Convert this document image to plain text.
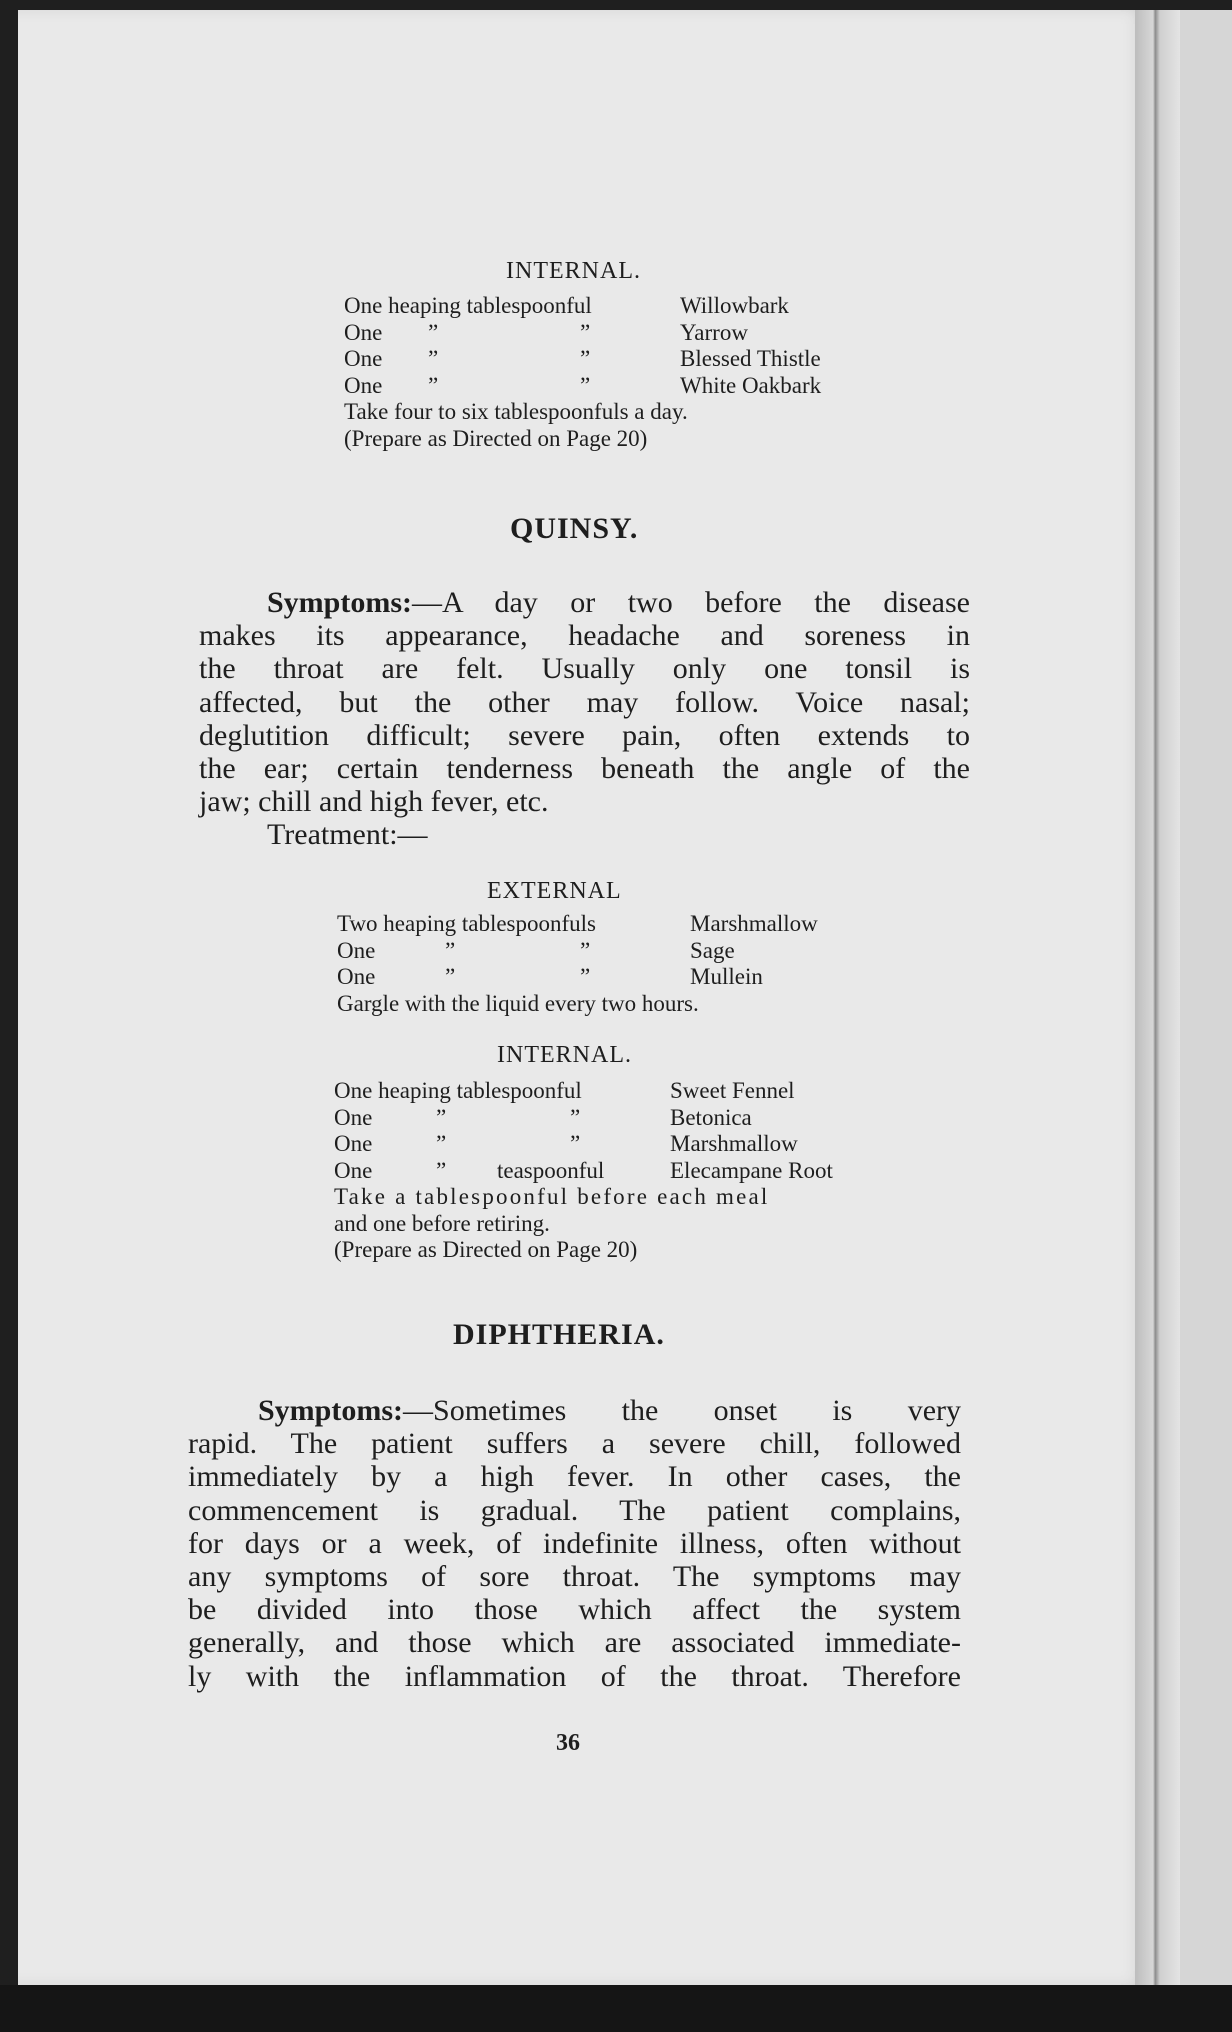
INTERNAL.
One heaping tablespoonful	Willowbark
One ”	”	Yarrow
One ”	”	Blessed Thistle
One ”	”	White Oakbark
Take four to six tablespoonfuls a day.
(Prepare as Directed on Page 20)
QUINSY.
Symptoms:—A day or two before the disease
makes its appearance, headache and soreness in
the throat are felt. Usually only one tonsil is
affected, but the other may follow. Voice nasal;
deglutition difficult; severe pain, often extends to
the ear; certain tenderness beneath the angle of the
jaw; chill and high fever, etc.
Treatment:—
EXTERNAL
Two heaping tablespoonfuls	Marshmallow
One	”	”	Sage
One	”	”	Mullein
Gargle with the liquid every two hours.
INTERNAL.
One heaping tablespoonful	Sweet Fennel
One	”	”	Betonica
One	”	”	Marshmallow
One	” teaspoonful	Elecampane Root
Take a tablespoonful before each meal
and one before retiring.
(Prepare as Directed on Page 20)
DIPHTHERIA.
Symptoms:—Sometimes the onset is very
rapid. The patient suffers a severe chill, followed
immediately by a high fever. In other cases, the
commencement is gradual. The patient complains,
for days or a week, of indefinite illness, often without
any symptoms of sore throat. The symptoms may
be divided into those which affect the system
generally, and those which are associated immediate-
ly with the inflammation of the throat. Therefore
36
